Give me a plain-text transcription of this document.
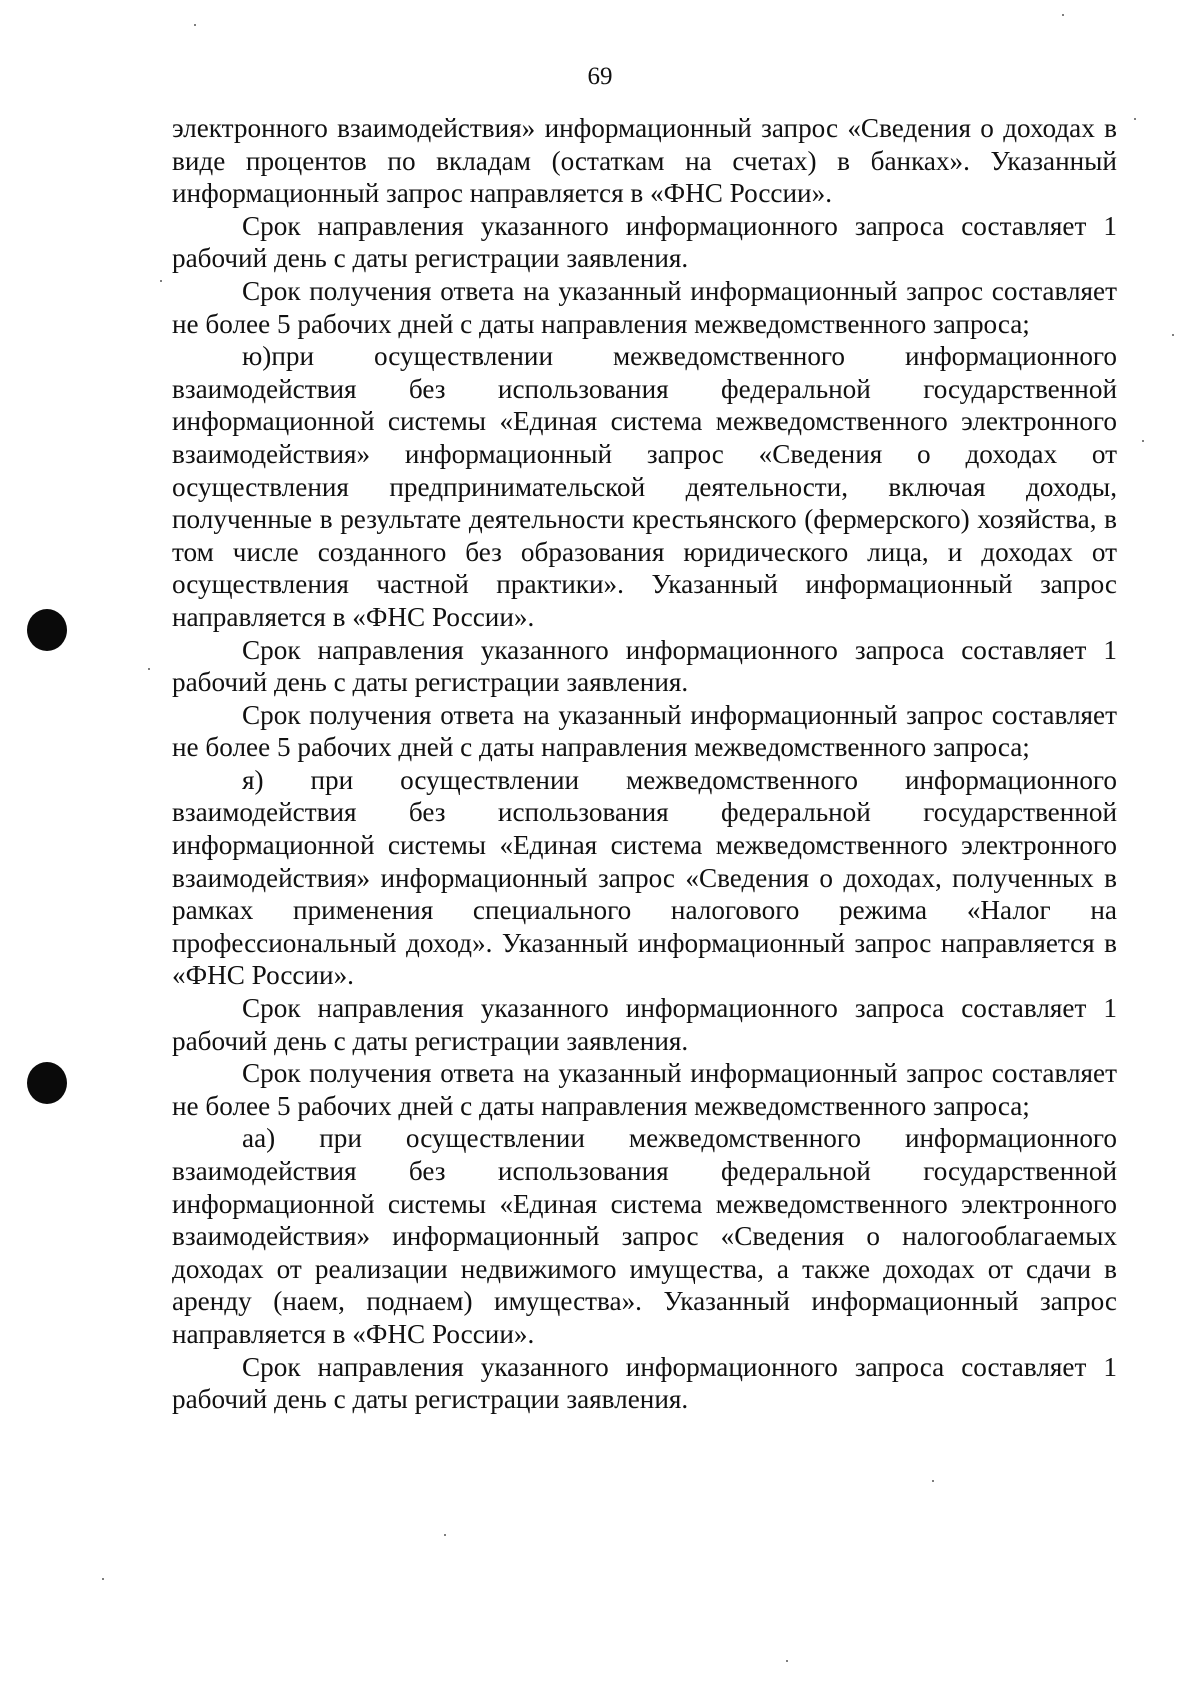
69

электронного взаимодействия» информационный запрос «Сведения о доходах в виде процентов по вкладам (остаткам на счетах) в банках». Указанный информационный запрос направляется в «ФНС России».

Срок направления указанного информационного запроса составляет 1 рабочий день с даты регистрации заявления.

Срок получения ответа на указанный информационный запрос составляет не более 5 рабочих дней с даты направления межведомственного запроса;

ю)при осуществлении межведомственного информационного взаимодействия без использования федеральной государственной информационной системы «Единая система межведомственного электронного взаимодействия» информационный запрос «Сведения о доходах от осуществления предпринимательской деятельности, включая доходы, полученные в результате деятельности крестьянского (фермерского) хозяйства, в том числе созданного без образования юридического лица, и доходах от осуществления частной практики». Указанный информационный запрос направляется в «ФНС России».

Срок направления указанного информационного запроса составляет 1 рабочий день с даты регистрации заявления.

Срок получения ответа на указанный информационный запрос составляет не более 5 рабочих дней с даты направления межведомственного запроса;

я) при осуществлении межведомственного информационного взаимодействия без использования федеральной государственной информационной системы «Единая система межведомственного электронного взаимодействия» информационный запрос «Сведения о доходах, полученных в рамках применения специального налогового режима «Налог на профессиональный доход». Указанный информационный запрос направляется в «ФНС России».

Срок направления указанного информационного запроса составляет 1 рабочий день с даты регистрации заявления.

Срок получения ответа на указанный информационный запрос составляет не более 5 рабочих дней с даты направления межведомственного запроса;

аа) при осуществлении межведомственного информационного взаимодействия без использования федеральной государственной информационной системы «Единая система межведомственного электронного взаимодействия» информационный запрос «Сведения о налогооблагаемых доходах от реализации недвижимого имущества, а также доходах от сдачи в аренду (наем, поднаем) имущества». Указанный информационный запрос направляется в «ФНС России».

Срок направления указанного информационного запроса составляет 1 рабочий день с даты регистрации заявления.
